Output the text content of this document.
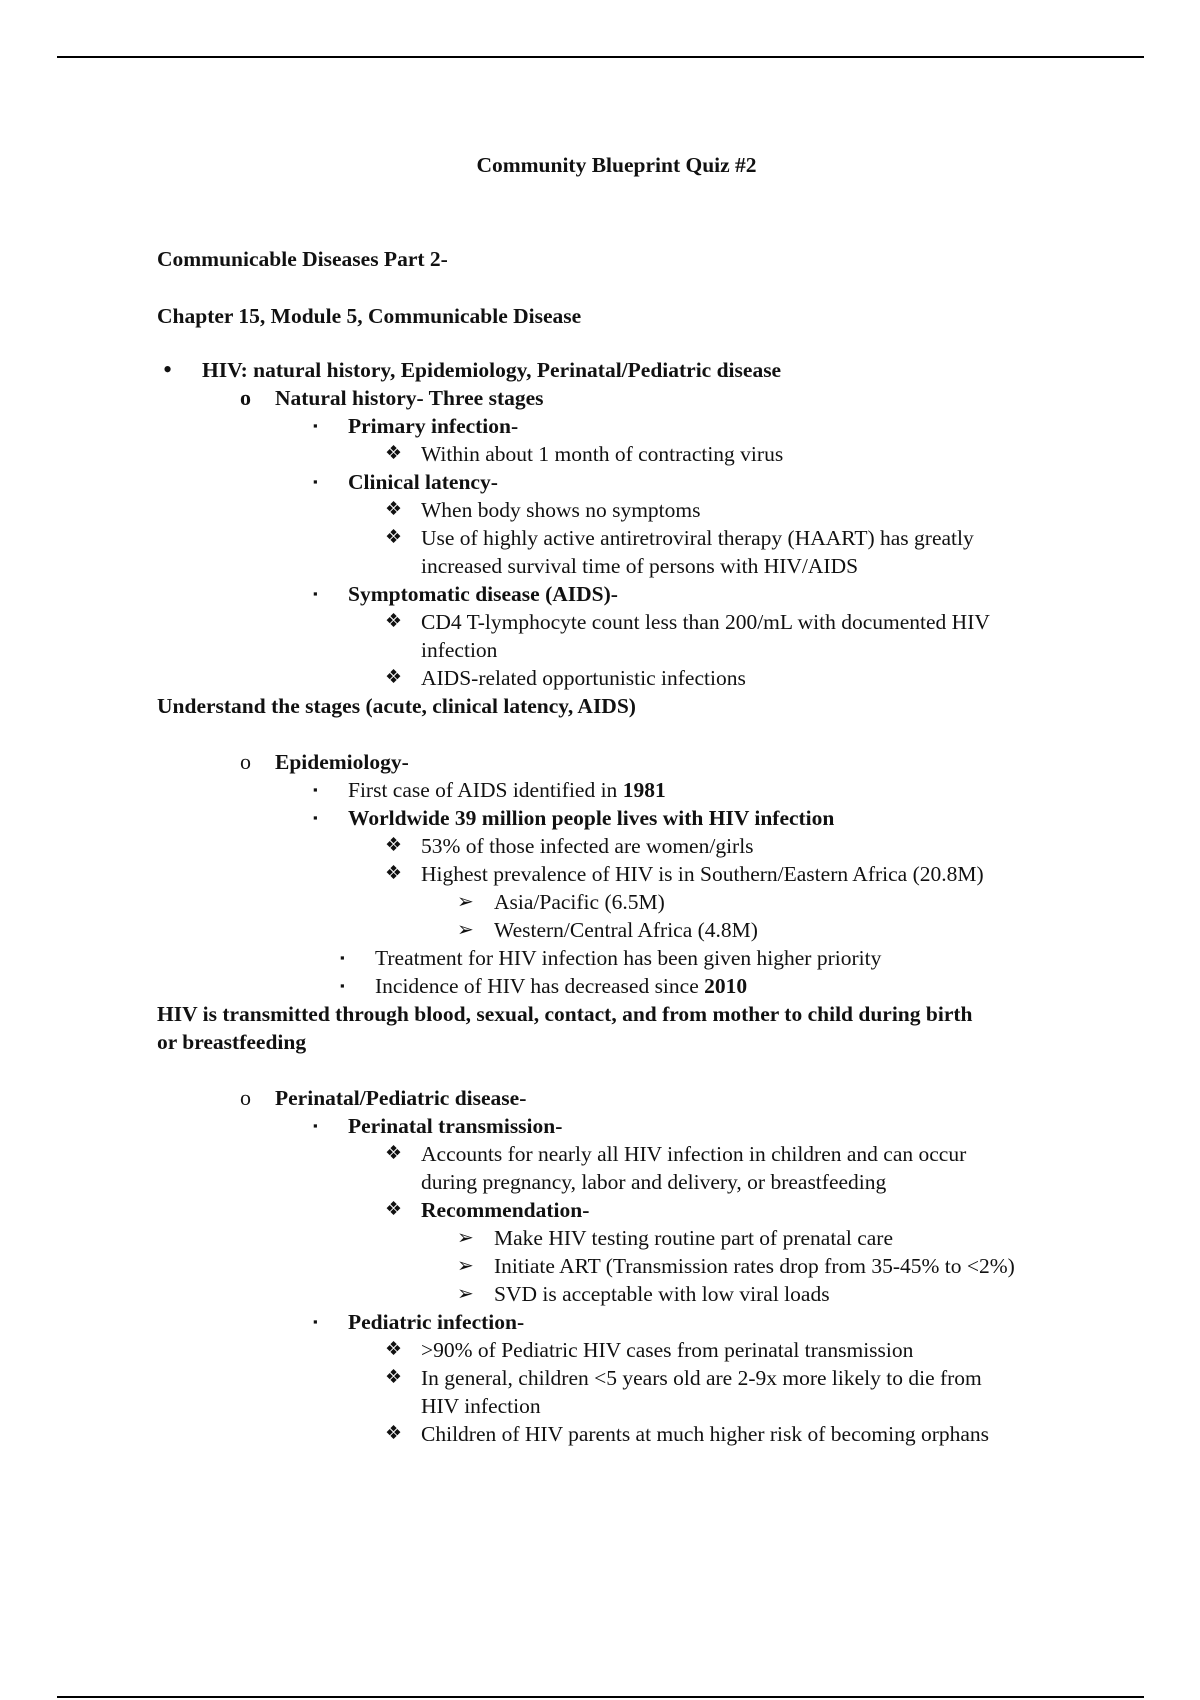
Community Blueprint Quiz #2
Communicable Diseases Part 2-
Chapter 15, Module 5, Communicable Disease
• HIV: natural history, Epidemiology, Perinatal/Pediatric disease
o Natural history- Three stages
▪ Primary infection-
❖ Within about 1 month of contracting virus
▪ Clinical latency-
❖ When body shows no symptoms
❖ Use of highly active antiretroviral therapy (HAART) has greatly
increased survival time of persons with HIV/AIDS
▪ Symptomatic disease (AIDS)-
❖ CD4 T-lymphocyte count less than 200/mL with documented HIV
infection
❖ AIDS-related opportunistic infections
Understand the stages (acute, clinical latency, AIDS)
o Epidemiology-
▪ First case of AIDS identified in 1981
▪ Worldwide 39 million people lives with HIV infection
❖ 53% of those infected are women/girls
❖ Highest prevalence of HIV is in Southern/Eastern Africa (20.8M)
➢ Asia/Pacific (6.5M)
➢ Western/Central Africa (4.8M)
▪ Treatment for HIV infection has been given higher priority
▪ Incidence of HIV has decreased since 2010
HIV is transmitted through blood, sexual, contact, and from mother to child during birth
or breastfeeding
o Perinatal/Pediatric disease-
▪ Perinatal transmission-
❖ Accounts for nearly all HIV infection in children and can occur
during pregnancy, labor and delivery, or breastfeeding
❖ Recommendation-
➢ Make HIV testing routine part of prenatal care
➢ Initiate ART (Transmission rates drop from 35-45% to <2%)
➢ SVD is acceptable with low viral loads
▪ Pediatric infection-
❖ >90% of Pediatric HIV cases from perinatal transmission
❖ In general, children <5 years old are 2-9x more likely to die from
HIV infection
❖ Children of HIV parents at much higher risk of becoming orphans
